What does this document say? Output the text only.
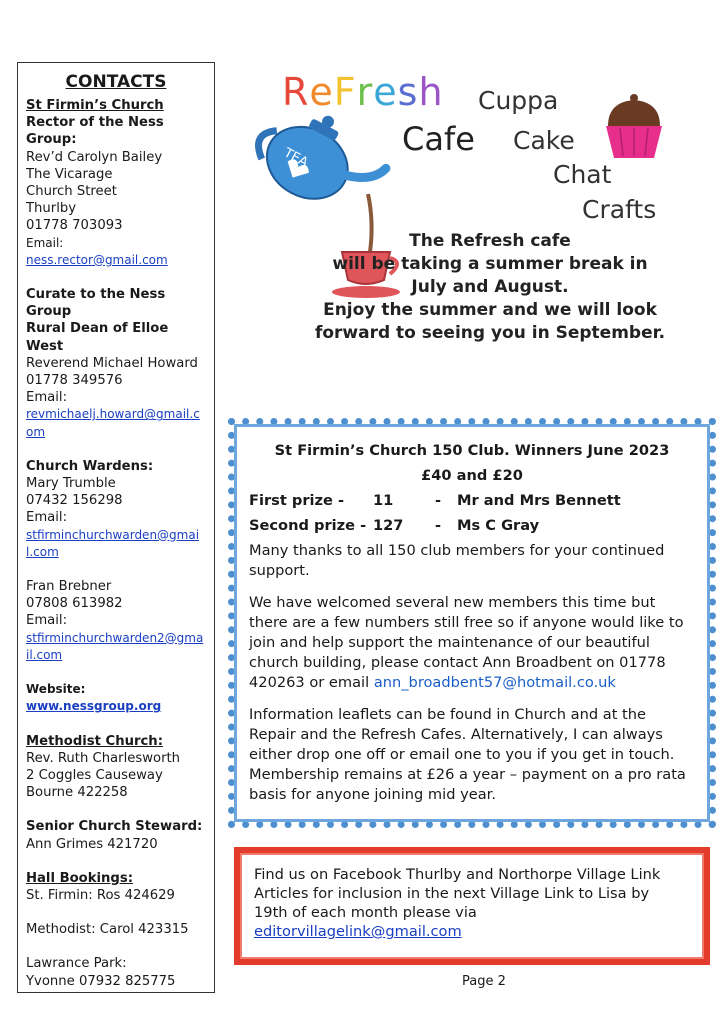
CONTACTS
St Firmin’s Church
Rector of the Ness
Group:
Rev’d Carolyn Bailey
The Vicarage
Church Street
Thurlby
01778 703093
Email:
ness.rector@gmail.com
Curate to the Ness
Group
Rural Dean of Elloe West
Reverend Michael Howard
01778 349576
Email:
revmichaelj.howard@gmail.com
Church Wardens:
Mary Trumble
07432 156298
Email:
stfirminchurchwarden@gmail.com
Fran Brebner
07808 613982
Email:
stfirminchurchwarden2@gmail.com
Website:
www.nessgroup.org
Methodist Church:
Rev. Ruth Charlesworth
2 Coggles Causeway
Bourne 422258
Senior Church Steward:
Ann Grimes 421720
Hall Bookings:
St. Firmin: Ros 424629
Methodist: Carol 423315
Lawrance Park:
Yvonne 07932 825775
TEA
ReFresh
Cafe
Cuppa
Cake
Chat
Crafts
The Refresh cafe
will be taking a summer break in
July and August.
Enjoy the summer and we will look
forward to seeing you in September.
St Firmin’s Church 150 Club. Winners June 2023
£40 and £20
First prize -	11	-	Mr and Mrs Bennett
Second prize - 127	-	Ms C Gray

Many thanks to all 150 club members for your continued support.

We have welcomed several new members this time but there are a few numbers still free so if anyone would like to join and help support the maintenance of our beautiful church building, please contact Ann Broadbent on 01778 420263 or email ann_broadbent57@hotmail.co.uk

Information leaflets can be found in Church and at the Repair and the Refresh Cafes. Alternatively, I can always either drop one off or email one to you if you get in touch. Membership remains at £26 a year – payment on a pro rata basis for anyone joining mid year.

Find us on Facebook Thurlby and Northorpe Village Link
Articles for inclusion in the next Village Link to Lisa by
19th of each month please via
editorvillagelink@gmail.com
Page 2
